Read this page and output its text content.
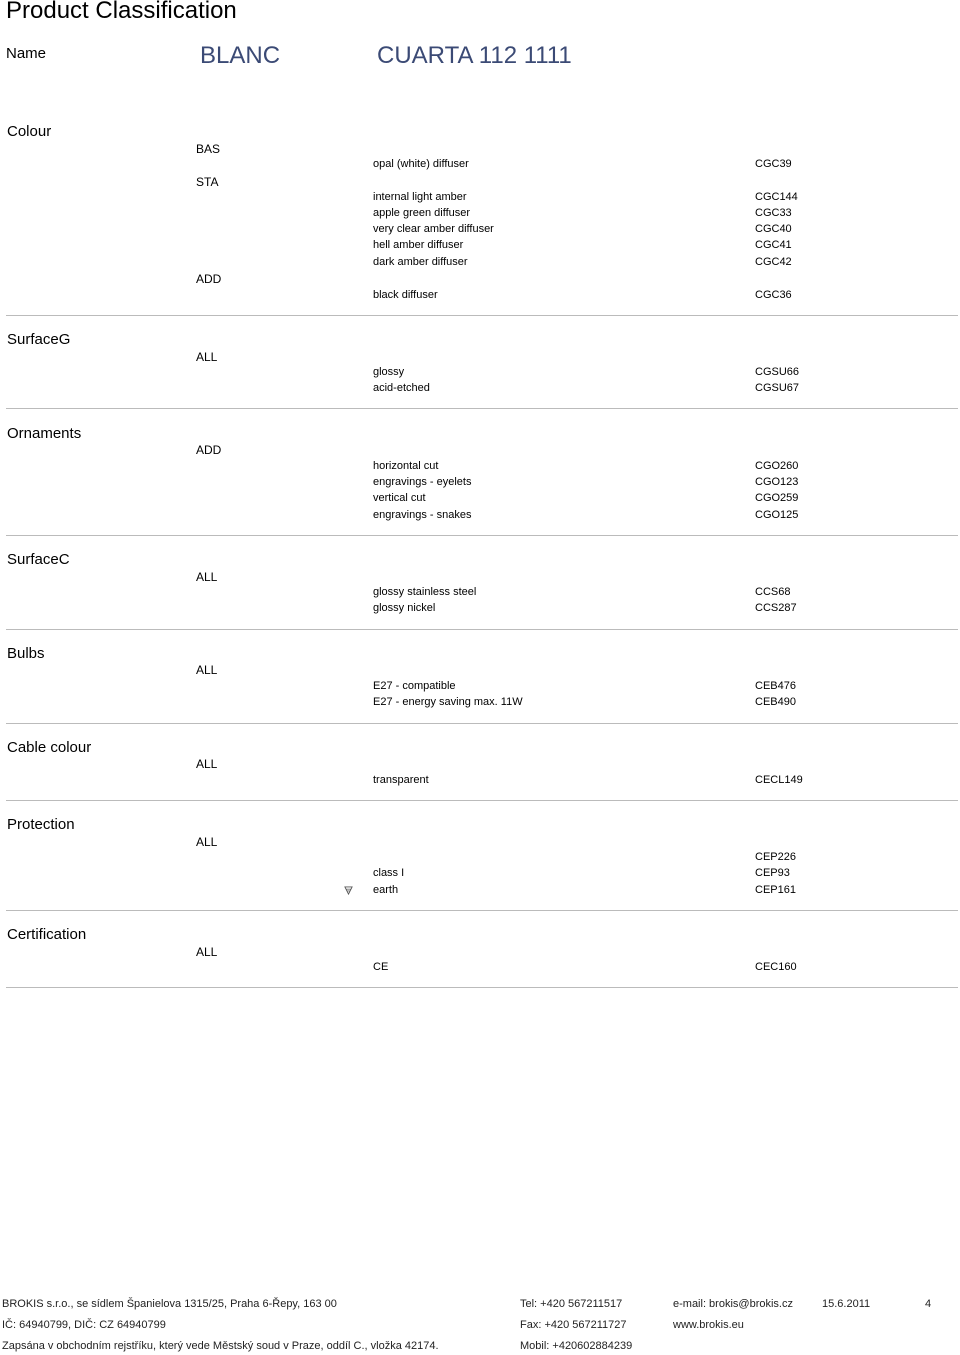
Product Classification
Name	BLANC	CUARTA 112 1111
Colour
BAS
opal (white) diffuser	CGC39
STA
internal light amber	CGC144
apple green diffuser	CGC33
very clear amber diffuser	CGC40
hell amber diffuser	CGC41
dark amber diffuser	CGC42
ADD
black diffuser	CGC36
SurfaceG
ALL
glossy	CGSU66
acid-etched	CGSU67
Ornaments
ADD
horizontal cut	CGO260
engravings - eyelets	CGO123
vertical cut	CGO259
engravings - snakes	CGO125
SurfaceC
ALL
glossy stainless steel	CCS68
glossy nickel	CCS287
Bulbs
ALL
E27 - compatible	CEB476
E27 - energy saving max. 11W	CEB490
Cable colour
ALL
transparent	CECL149
Protection
ALL
CEP226
class I	CEP93
earth	CEP161
Certification
ALL
CE	CEC160
BROKIS s.r.o., se sídlem Španielova 1315/25, Praha 6-Řepy, 163 00
IČ: 64940799, DIČ: CZ 64940799
Zapsána v obchodním rejstříku, který vede Městský soud v Praze, oddíl C., vložka 42174.
Tel: +420 567211517
Fax: +420 567211727
Mobil: +420602884239
e-mail: brokis@brokis.cz
www.brokis.eu
15.6.2011	4
